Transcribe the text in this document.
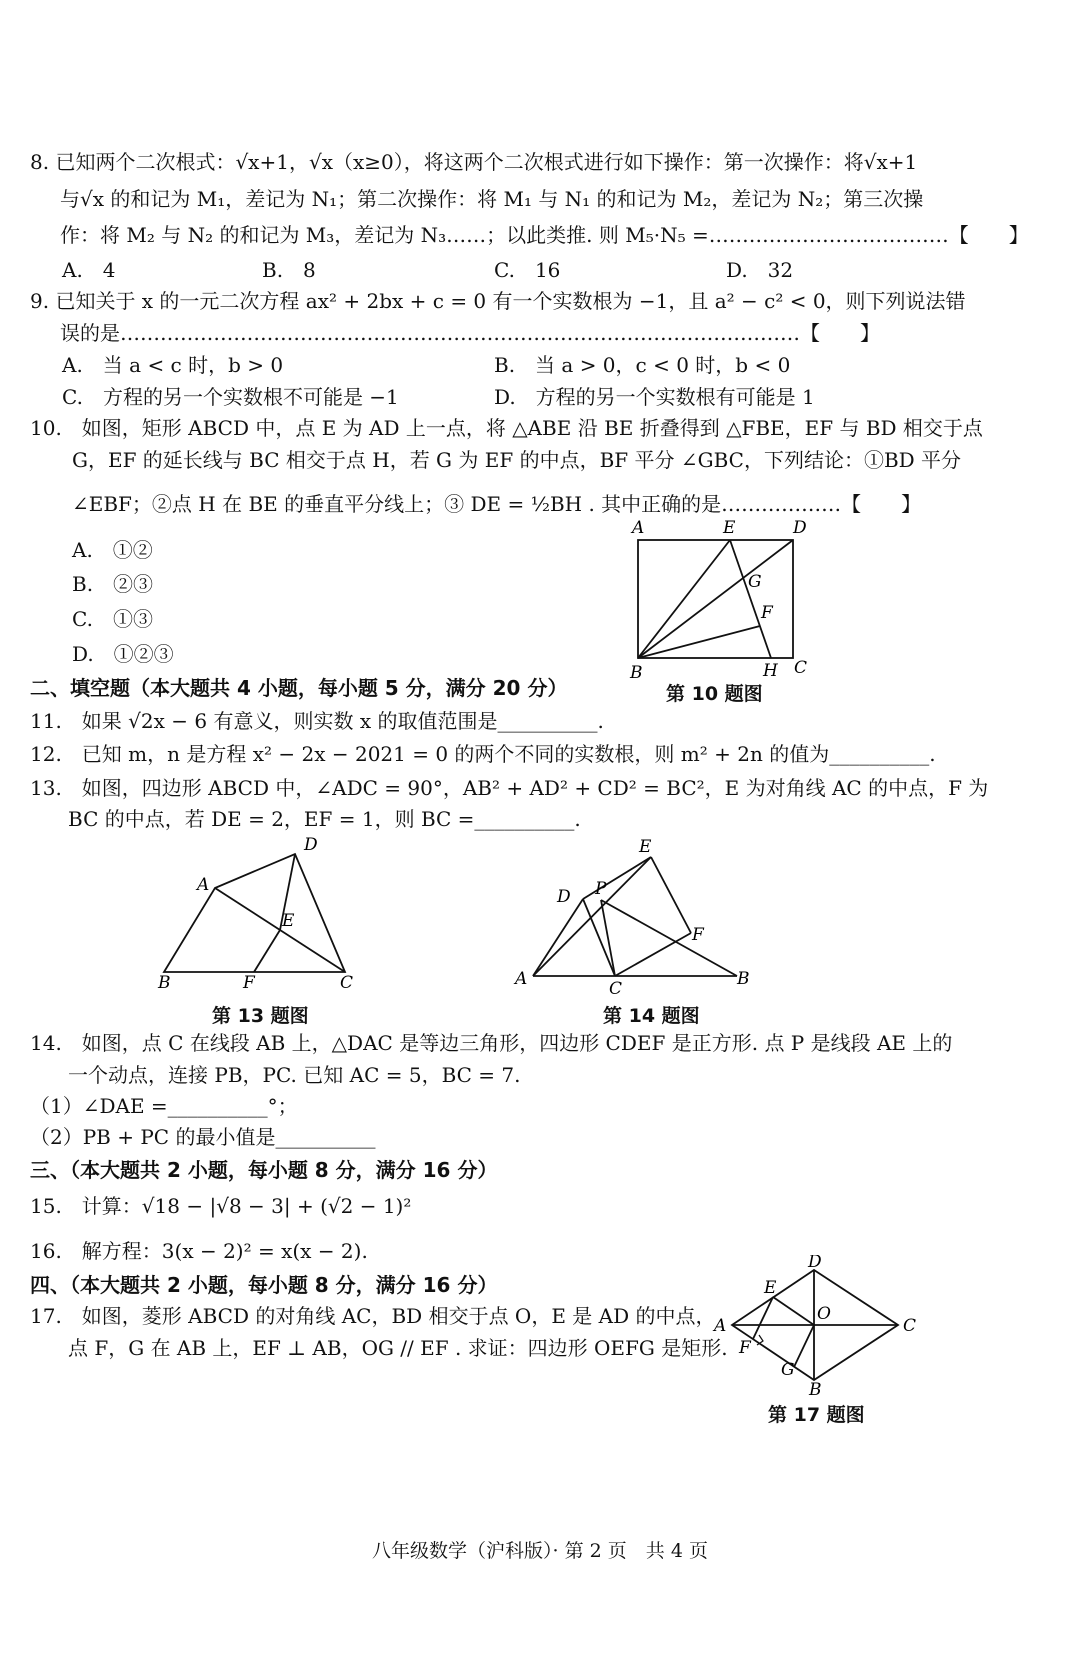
8. 已知两个二次根式：√x+1，√x（x≥0），将这两个二次根式进行如下操作：第一次操作：将√x+1
与√x 的和记为 M₁，差记为 N₁；第二次操作：将 M₁ 与 N₁ 的和记为 M₂，差记为 N₂；第三次操
作：将 M₂ 与 N₂ 的和记为 M₃，差记为 N₃……；以此类推. 则 M₅·N₅ =………………………………【　　】
A.　4	B.　8	C.　16	D.　32
9. 已知关于 x 的一元二次方程 ax² + 2bx + c = 0 有一个实数根为 −1，且 a² − c² < 0，则下列说法错
误的是…………………………………………………………………………………………【　　】
A.　当 a < c 时，b > 0	B.　当 a > 0，c < 0 时，b < 0
C.　方程的另一个实数根不可能是 −1	D.　方程的另一个实数根有可能是 1
10.　如图，矩形 ABCD 中，点 E 为 AD 上一点，将 △ABE 沿 BE 折叠得到 △FBE，EF 与 BD 相交于点
G，EF 的延长线与 BC 相交于点 H，若 G 为 EF 的中点，BF 平分 ∠GBC，下列结论：①BD 平分
∠EBF；②点 H 在 BE 的垂直平分线上；③ DE = ½BH . 其中正确的是………………【　　】
A.　①②
B.　②③
C.　①③
D.　①②③
A	E	D
G
F
B	H C
第 10 题图
二、填空题（本大题共 4 小题，每小题 5 分，满分 20 分）
11.　如果 √2x − 6 有意义，则实数 x 的取值范围是__________.
12.　已知 m，n 是方程 x² − 2x − 2021 = 0 的两个不同的实数根，则 m² + 2n 的值为__________.
13.　如图，四边形 ABCD 中，∠ADC = 90°，AB² + AD² + CD² = BC²，E 为对角线 AC 的中点，F 为
BC 的中点，若 DE = 2，EF = 1，则 BC =__________.
D
A
E
B	F	C
第 13 题图
E
D P
F
A	C	B
第 14 题图
14.　如图，点 C 在线段 AB 上，△DAC 是等边三角形，四边形 CDEF 是正方形. 点 P 是线段 AE 上的
一个动点，连接 PB，PC. 已知 AC = 5，BC = 7.
（1）∠DAE =__________°；
（2）PB + PC 的最小值是__________
三、（本大题共 2 小题，每小题 8 分，满分 16 分）
15.　计算：√18 − |√8 − 3| + (√2 − 1)²
16.　解方程：3(x − 2)² = x(x − 2).
四、（本大题共 2 小题，每小题 8 分，满分 16 分）
17.　如图，菱形 ABCD 的对角线 AC，BD 相交于点 O，E 是 AD 的中点，
点 F，G 在 AB 上，EF ⊥ AB，OG // EF . 求证：四边形 OEFG 是矩形.
D
E
A
O
C
F
G
B
第 17 题图
八年级数学（沪科版）· 第 2 页　共 4 页
